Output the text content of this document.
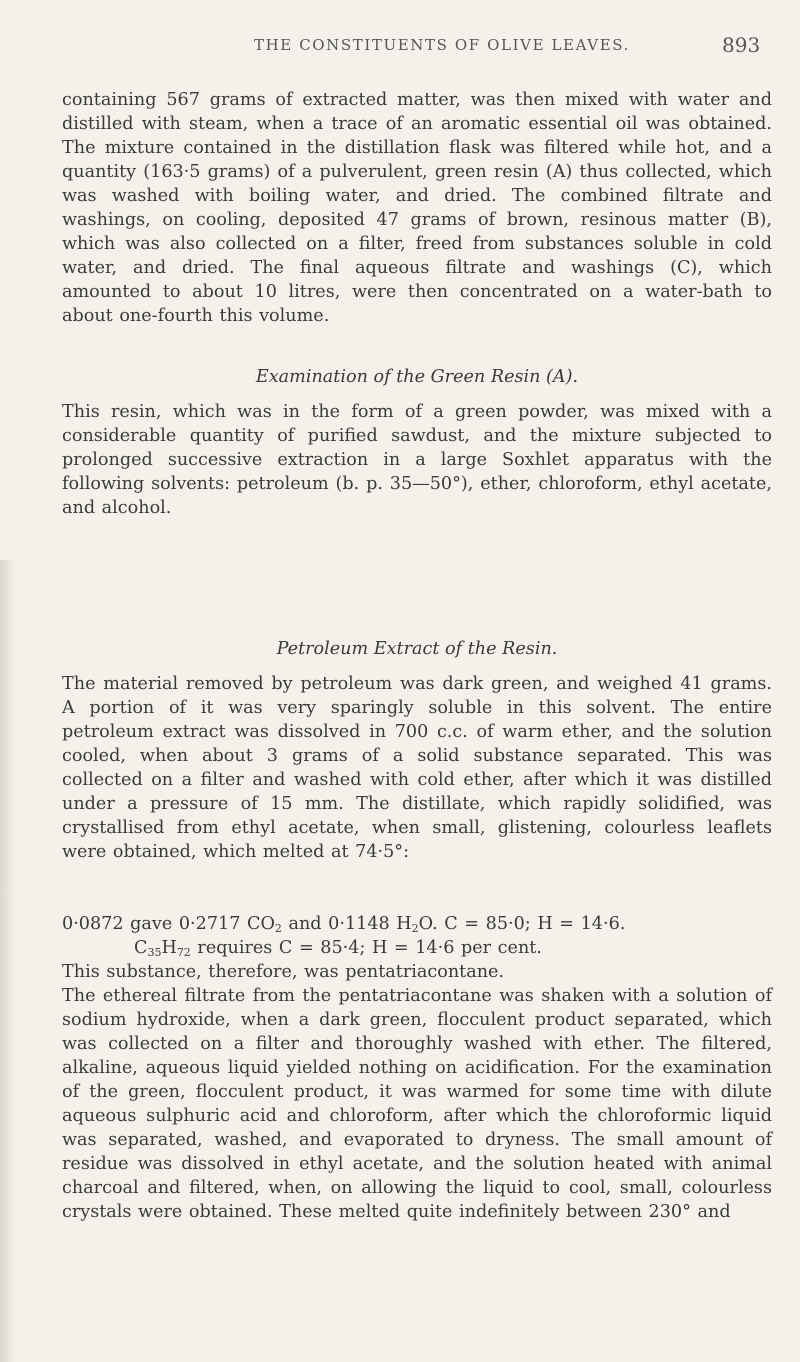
THE CONSTITUENTS OF OLIVE LEAVES.	893

containing 567 grams of extracted matter, was then mixed with water and distilled with steam, when a trace of an aromatic essential oil was obtained. The mixture contained in the distillation flask was filtered while hot, and a quantity (163·5 grams) of a pulverulent, green resin (A) thus collected, which was washed with boiling water, and dried. The combined filtrate and washings, on cooling, deposited 47 grams of brown, resinous matter (B), which was also collected on a filter, freed from substances soluble in cold water, and dried. The final aqueous filtrate and washings (C), which amounted to about 10 litres, were then concentrated on a water-bath to about one-fourth this volume.

Examination of the Green Resin (A).

This resin, which was in the form of a green powder, was mixed with a considerable quantity of purified sawdust, and the mixture subjected to prolonged successive extraction in a large Soxhlet apparatus with the following solvents: petroleum (b. p. 35—50°), ether, chloroform, ethyl acetate, and alcohol.

Petroleum Extract of the Resin.

The material removed by petroleum was dark green, and weighed 41 grams. A portion of it was very sparingly soluble in this solvent. The entire petroleum extract was dissolved in 700 c.c. of warm ether, and the solution cooled, when about 3 grams of a solid substance separated. This was collected on a filter and washed with cold ether, after which it was distilled under a pressure of 15 mm. The distillate, which rapidly solidified, was crystallised from ethyl acetate, when small, glistening, colourless leaflets were obtained, which melted at 74·5°:

0·0872 gave 0·2717 $CO_2$ and 0·1148 $H_2O$. C = 85·0; H = 14·6.

$C_{35}H_{72}$ requires C = 85·4; H = 14·6 per cent.

This substance, therefore, was pentatriacontane.

The ethereal filtrate from the pentatriacontane was shaken with a solution of sodium hydroxide, when a dark green, flocculent product separated, which was collected on a filter and thoroughly washed with ether. The filtered, alkaline, aqueous liquid yielded nothing on acidification. For the examination of the green, flocculent product, it was warmed for some time with dilute aqueous sulphuric acid and chloroform, after which the chloroformic liquid was separated, washed, and evaporated to dryness. The small amount of residue was dissolved in ethyl acetate, and the solution heated with animal charcoal and filtered, when, on allowing the liquid to cool, small, colourless crystals were obtained. These melted quite indefinitely between 230° and
